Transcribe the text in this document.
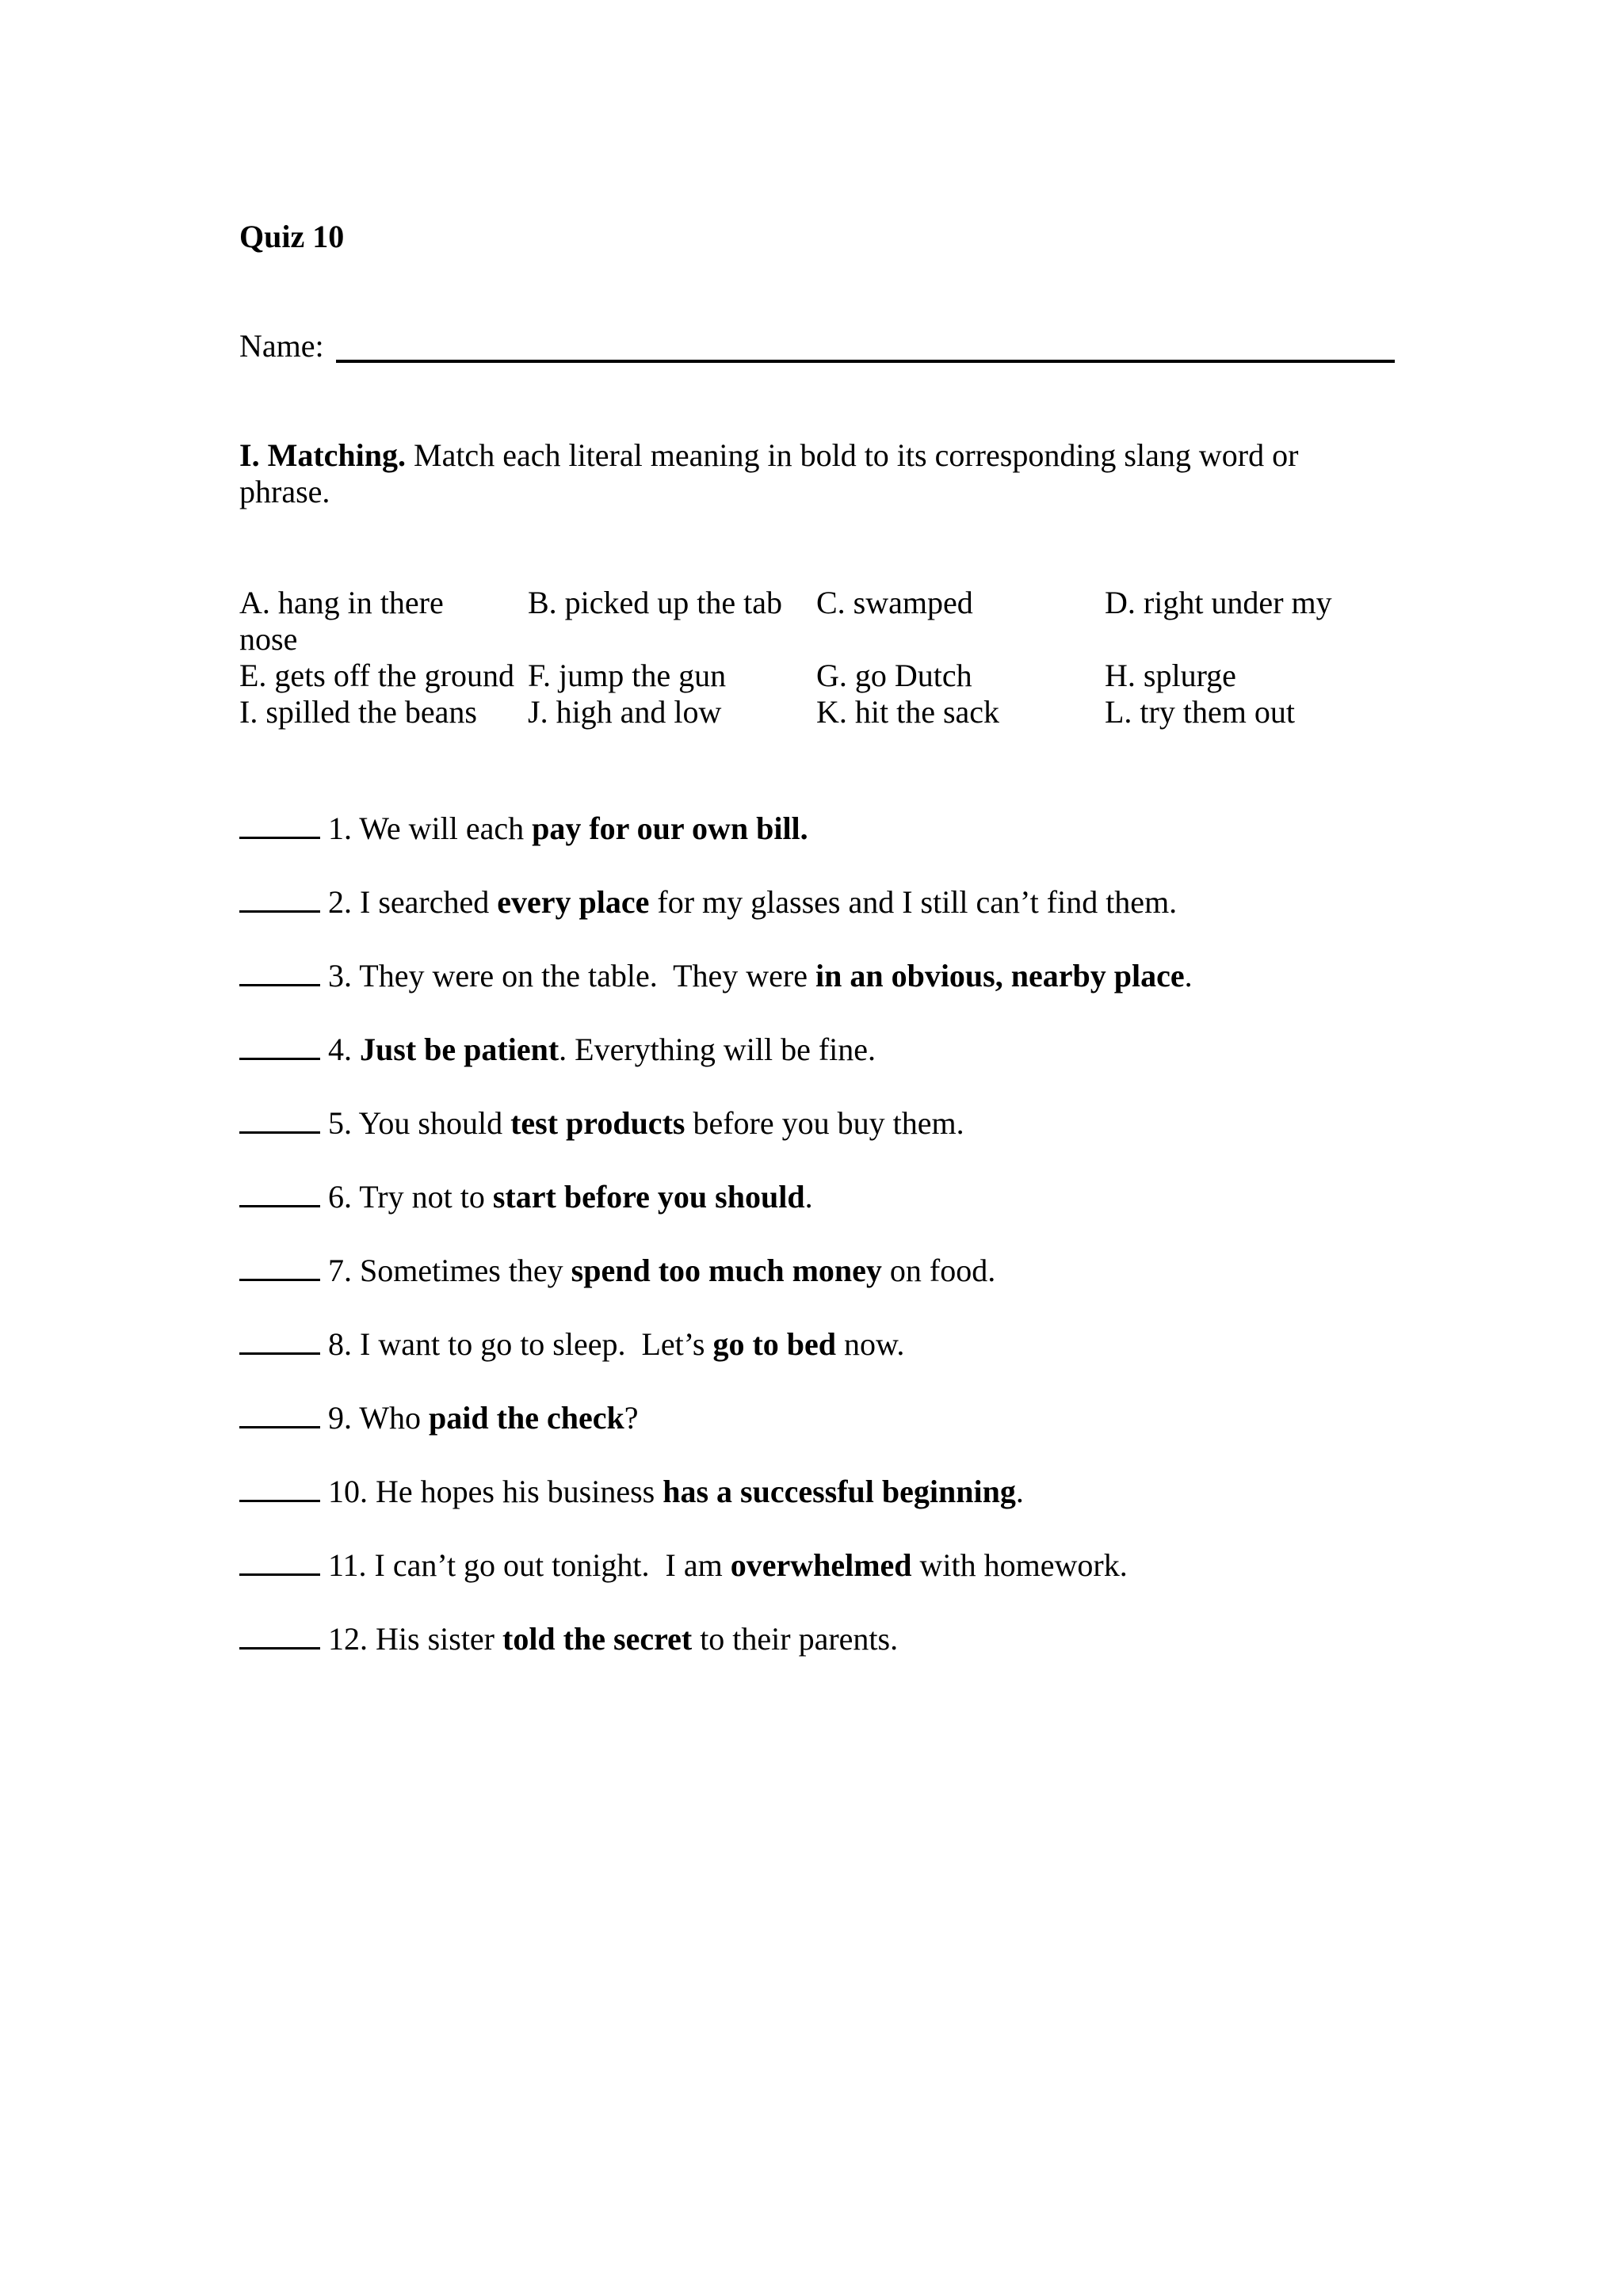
Quiz 10
Name:

I. Matching. Match each literal meaning in bold to its corresponding slang word or phrase.

A. hang in there	B. picked up the tab C. swamped	D. right under my
nose
E. gets off the ground F. jump the gun	G. go Dutch	H. splurge
I. spilled the beans J. high and low	K. hit the sack	L. try them out
1. We will each pay for our own bill.
2. I searched every place for my glasses and I still can’t find them.
3. They were on the table.  They were in an obvious, nearby place.
4. Just be patient. Everything will be fine.
5. You should test products before you buy them.
6. Try not to start before you should.
7. Sometimes they spend too much money on food.
8. I want to go to sleep.  Let’s go to bed now.
9. Who paid the check?
10. He hopes his business has a successful beginning.
11. I can’t go out tonight.  I am overwhelmed with homework.
12. His sister told the secret to their parents.
